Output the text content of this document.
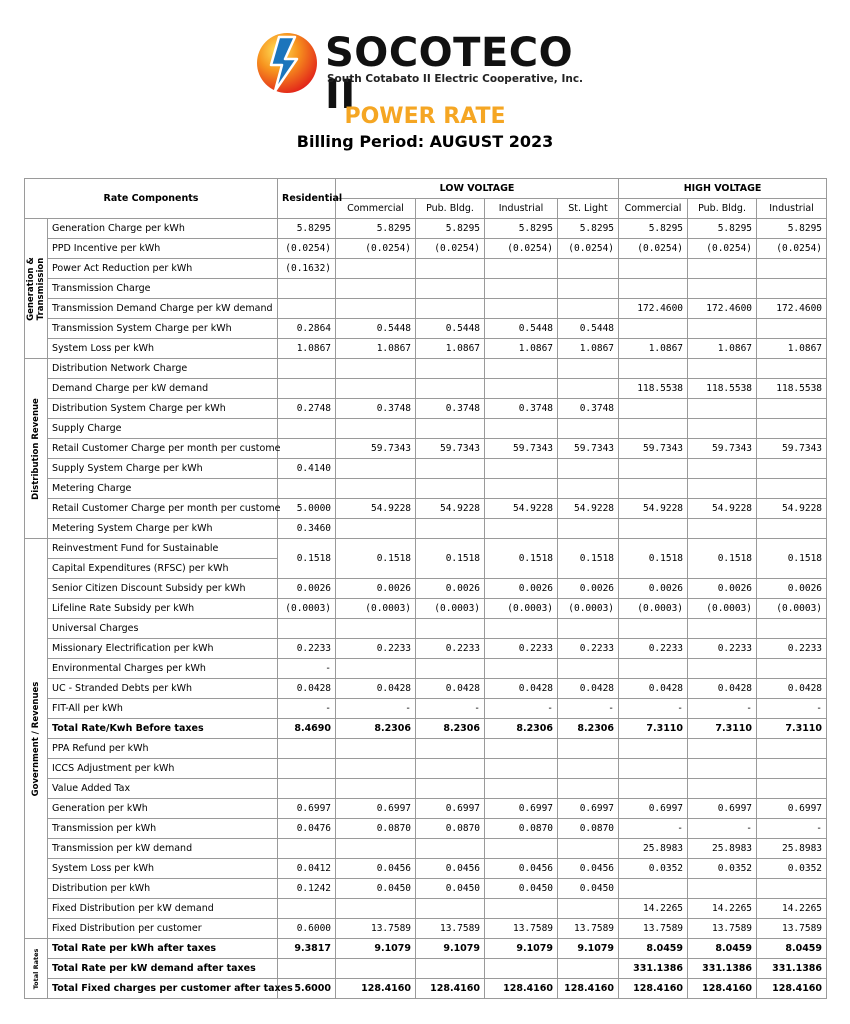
SOCOTECO II
South Cotabato II Electric Cooperative, Inc.
POWER RATE
Billing Period: AUGUST 2023
Rate Components		Residential	LOW VOLTAGE				HIGH VOLTAGE		
			Commercial	Pub. Bldg.	Industrial	St. Light	Commercial	Pub. Bldg.	Industrial

Generation & Transmission	Generation Charge per kWh	5.8295	5.8295	5.8295	5.8295	5.8295	5.8295	5.8295	5.8295
	PPD Incentive per kWh	(0.0254)	(0.0254)	(0.0254)	(0.0254)	(0.0254)	(0.0254)	(0.0254)	(0.0254)
	Power Act Reduction per kWh	(0.1632)							
	Transmission Charge								
	Transmission Demand Charge per kW demand						172.4600	172.4600	172.4600
	Transmission System Charge per kWh	0.2864	0.5448	0.5448	0.5448	0.5448			
	System Loss per kWh	1.0867	1.0867	1.0867	1.0867	1.0867	1.0867	1.0867	1.0867

Distribution Revenue	Distribution Network Charge								
	Demand Charge per kW demand						118.5538	118.5538	118.5538
	Distribution System Charge per kWh	0.2748	0.3748	0.3748	0.3748	0.3748			
	Supply Charge								
	Retail Customer Charge per month per custome		59.7343	59.7343	59.7343	59.7343	59.7343	59.7343	59.7343
	Supply System Charge per kWh	0.4140							
	Metering Charge								
	Retail Customer Charge per month per custome	5.0000	54.9228	54.9228	54.9228	54.9228	54.9228	54.9228	54.9228
	Metering System Charge per kWh	0.3460							

Government / Revenues	Reinvestment Fund for Sustainable	0.1518	0.1518	0.1518	0.1518	0.1518	0.1518	0.1518	0.1518
	Capital Expenditures (RFSC) per kWh								
	Senior Citizen Discount Subsidy per kWh	0.0026	0.0026	0.0026	0.0026	0.0026	0.0026	0.0026	0.0026
	Lifeline Rate Subsidy per kWh	(0.0003)	(0.0003)	(0.0003)	(0.0003)	(0.0003)	(0.0003)	(0.0003)	(0.0003)
	Universal Charges								
	Missionary Electrification per kWh	0.2233	0.2233	0.2233	0.2233	0.2233	0.2233	0.2233	0.2233
	Environmental Charges per kWh	-							
	UC - Stranded Debts per kWh	0.0428	0.0428	0.0428	0.0428	0.0428	0.0428	0.0428	0.0428
	FIT-All per kWh	-	-	-	-	-	-	-	-
	Total Rate/Kwh Before taxes	8.4690	8.2306	8.2306	8.2306	8.2306	7.3110	7.3110	7.3110
	PPA Refund per kWh								
	ICCS Adjustment per kWh								
	Value Added Tax								
	Generation per kWh	0.6997	0.6997	0.6997	0.6997	0.6997	0.6997	0.6997	0.6997
	Transmission per kWh	0.0476	0.0870	0.0870	0.0870	0.0870	-	-	-
	Transmission per kW demand						25.8983	25.8983	25.8983
	System Loss per kWh	0.0412	0.0456	0.0456	0.0456	0.0456	0.0352	0.0352	0.0352
	Distribution per kWh	0.1242	0.0450	0.0450	0.0450	0.0450			
	Fixed Distribution per kW demand						14.2265	14.2265	14.2265
	Fixed Distribution per customer	0.6000	13.7589	13.7589	13.7589	13.7589	13.7589	13.7589	13.7589

Total Rates	Total Rate per kWh after taxes	9.3817	9.1079	9.1079	9.1079	9.1079	8.0459	8.0459	8.0459
	Total Rate per kW demand after taxes						331.1386	331.1386	331.1386
	Total Fixed charges per customer after taxes	5.6000	128.4160	128.4160	128.4160	128.4160	128.4160	128.4160	128.4160
